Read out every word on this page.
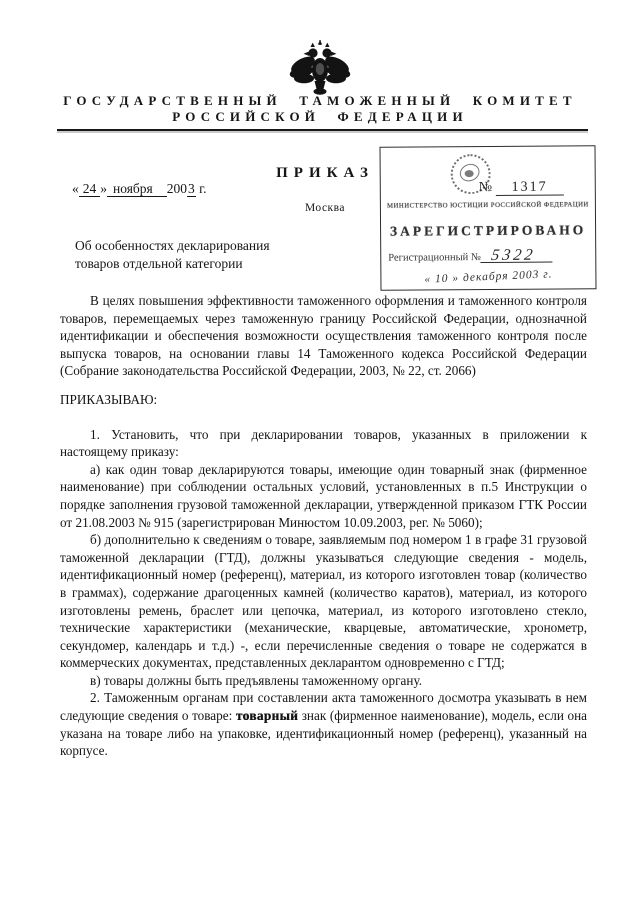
ГОСУДАРСТВЕННЫЙ ТАМОЖЕННЫЙ КОМИТЕТ
РОССИЙСКОЙ ФЕДЕРАЦИИ
ПРИКАЗ
« 24 » ноября 2003 г.
Москва
№ 1317
МИНИСТЕРСТВО ЮСТИЦИИ РОССИЙСКОЙ ФЕДЕРАЦИИ
ЗАРЕГИСТРИРОВАНО
Регистрационный № 5322
« 10 » декабря 2003 г.
Об особенностях декларирования
товаров отдельной категории

В целях повышения эффективности таможенного оформления и таможенного контроля товаров, перемещаемых через таможенную границу Российской Федерации, однозначной идентификации и обеспечения возможности осуществления таможенного контроля после выпуска товаров, на основании главы 14 Таможенного кодекса Российской Федерации (Собрание законодательства Российской Федерации, 2003, № 22, ст. 2066)

ПРИКАЗЫВАЮ:

1. Установить, что при декларировании товаров, указанных в приложении к настоящему приказу:

а) как один товар декларируются товары, имеющие один товарный знак (фирменное наименование) при соблюдении остальных условий, установленных в п.5 Инструкции о порядке заполнения грузовой таможенной декларации, утвержденной приказом ГТК России от 21.08.2003 № 915 (зарегистрирован Минюстом 10.09.2003, рег. № 5060);

б) дополнительно к сведениям о товаре, заявляемым под номером 1 в графе 31 грузовой таможенной декларации (ГТД), должны указываться следующие сведения - модель, идентификационный номер (референц), материал, из которого изготовлен товар (количество в граммах), содержание драгоценных камней (количество каратов), материал, из которого изготовлены ремень, браслет или цепочка, материал, из которого изготовлено стекло, технические характеристики (механические, кварцевые, автоматические, хронометр, секундомер, календарь и т.д.) -, если перечисленные сведения о товаре не содержатся в коммерческих документах, представленных декларантом одновременно с ГТД;

в) товары должны быть предъявлены таможенному органу.

2. Таможенным органам при составлении акта таможенного досмотра указывать в нем следующие сведения о товаре: товарный знак (фирменное наименование), модель, если она указана на товаре либо на упаковке, идентификационный номер (референц), указанный на корпусе.
